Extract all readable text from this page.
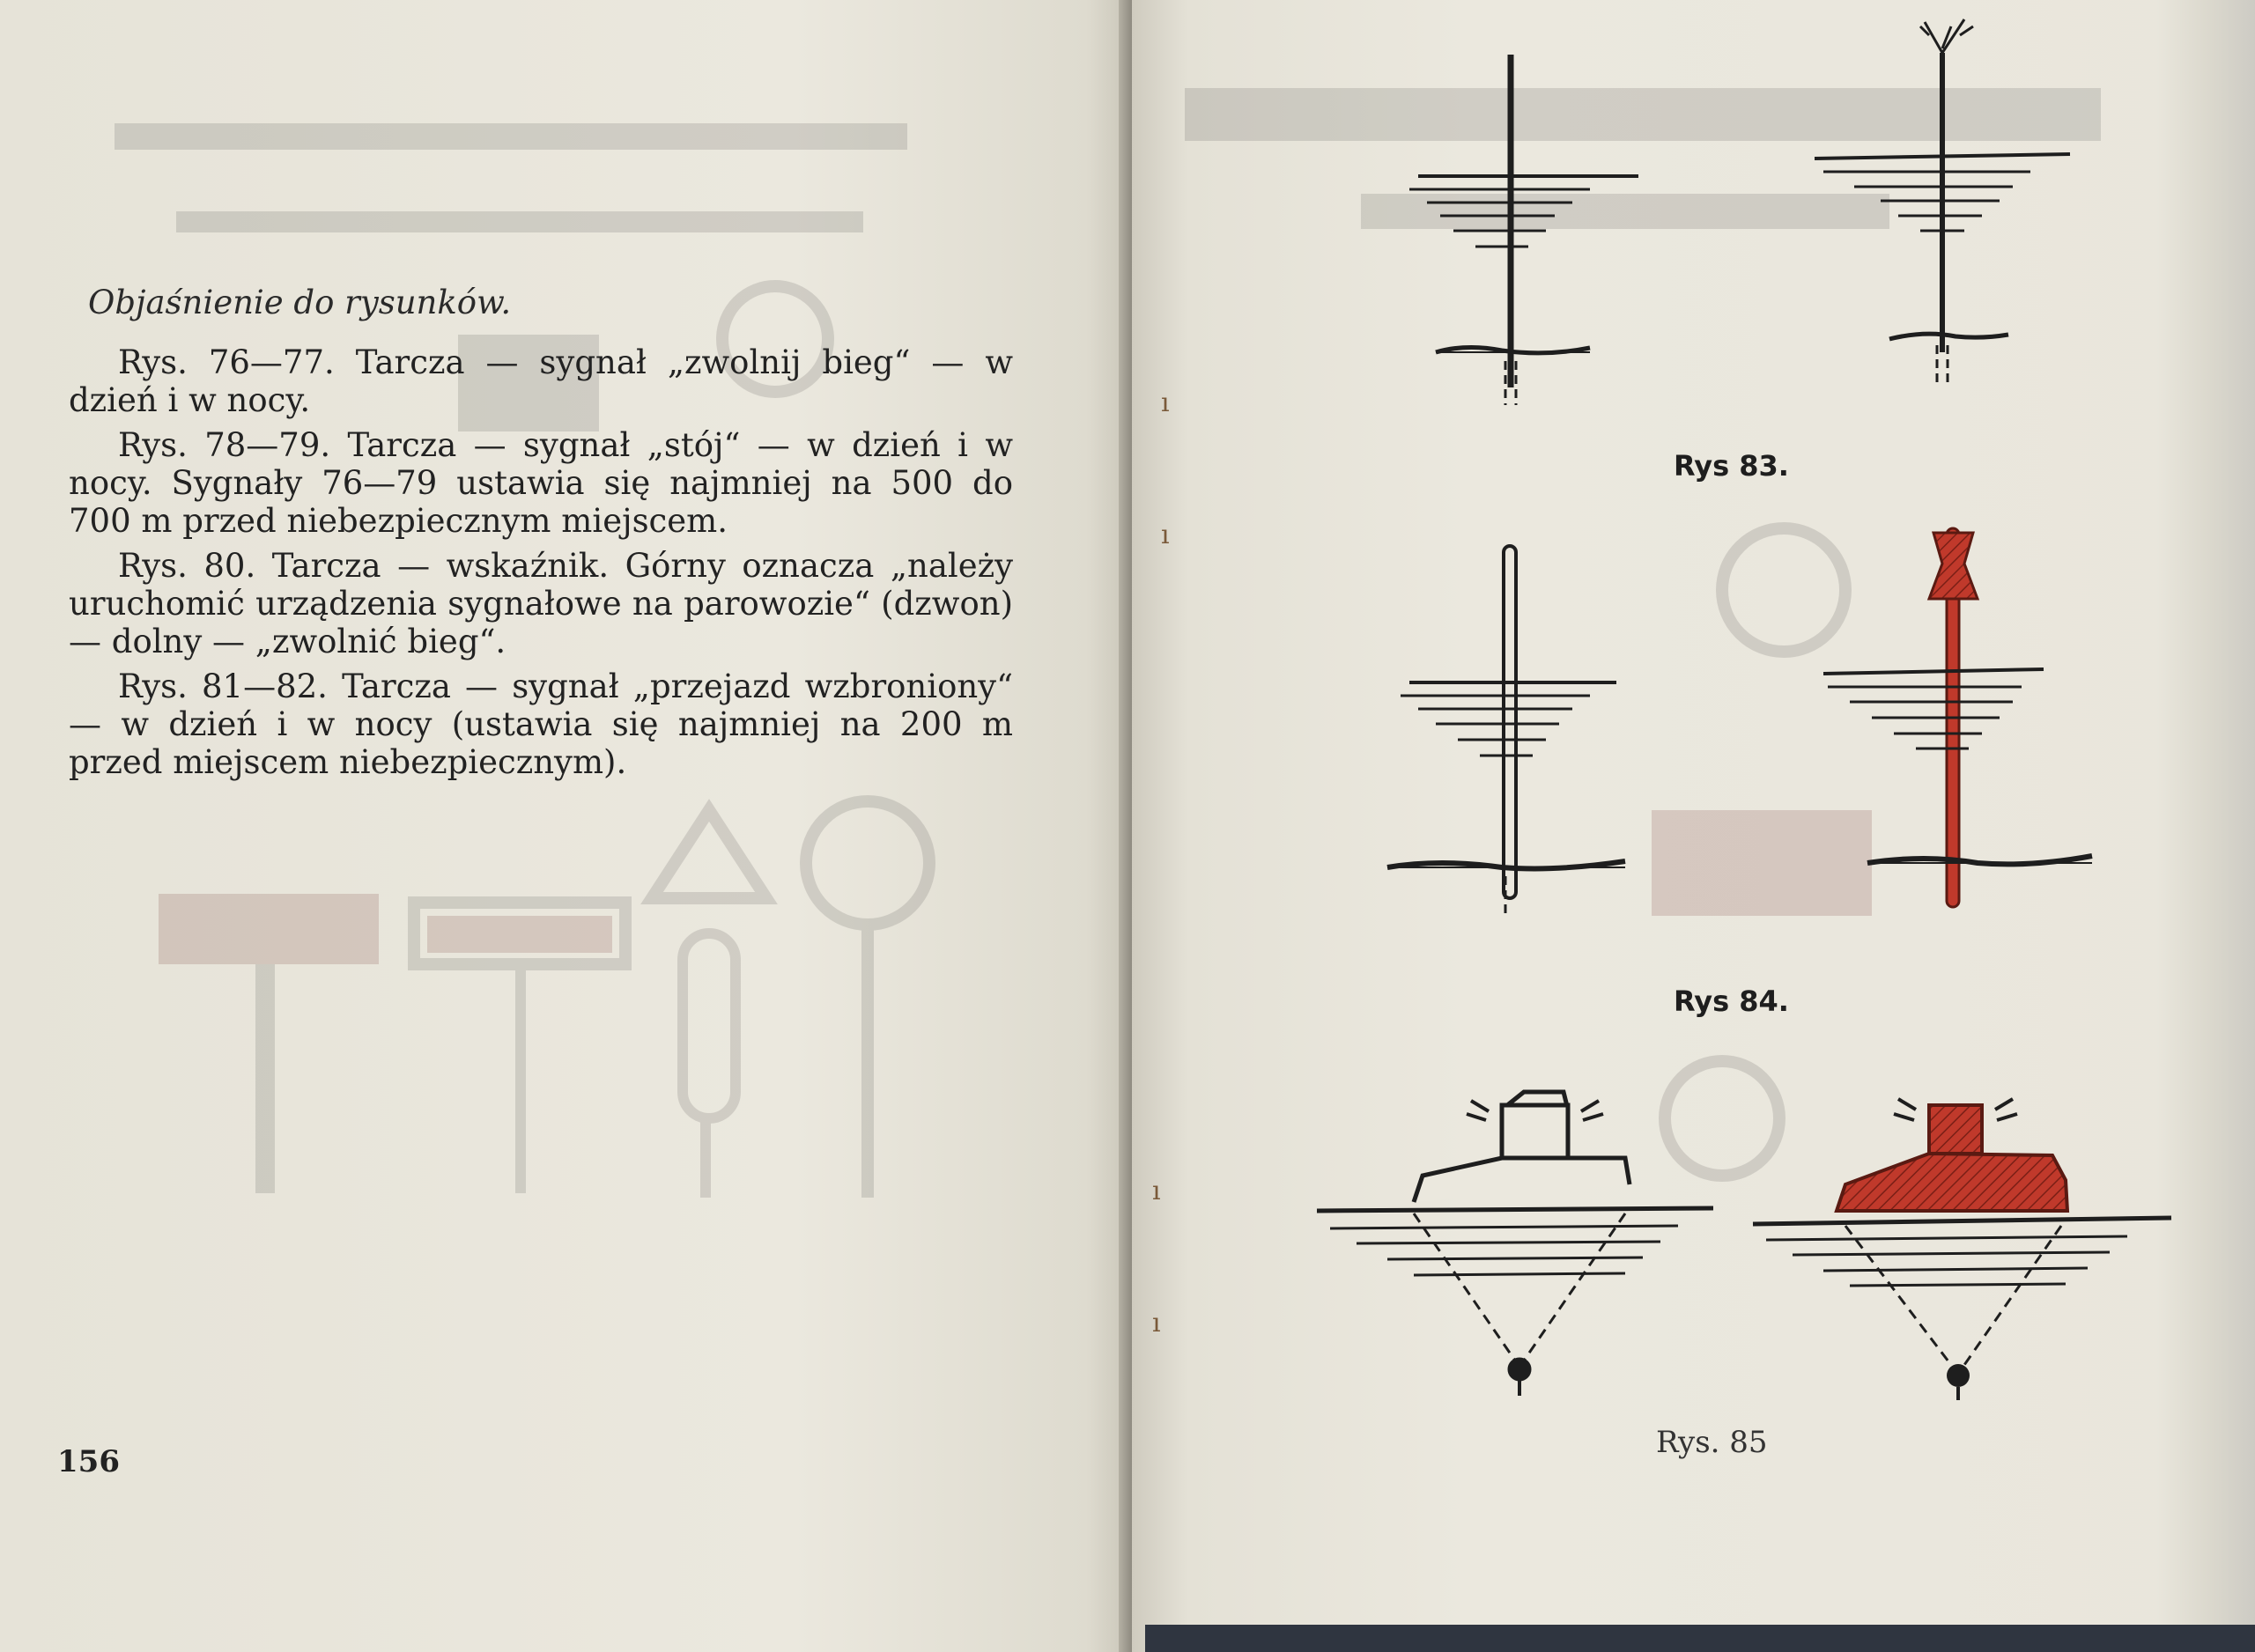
Objaśnienie do rysunków.

Rys. 76—77. Tarcza — sygnał „zwolnij bieg“ — w dzień i w nocy.

Rys. 78—79. Tarcza — sygnał „stój“ — w dzień i w nocy. Sygnały 76—79 ustawia się najmniej na 500 do 700 m przed niebezpiecznym miejscem.

Rys. 80. Tarcza — wskaźnik. Górny oznacza „należy uruchomić urządzenia sygnałowe na parowozie“ (dzwon) — dolny — „zwolnić bieg“.

Rys. 81—82. Tarcza — sygnał „przejazd wzbroniony“ — w dzień i w nocy (ustawia się najmniej na 200 m przed miejscem niebezpiecznym).

156
ı
ı
ı
ı
Rys 83.
Rys 84.
Rys. 85
